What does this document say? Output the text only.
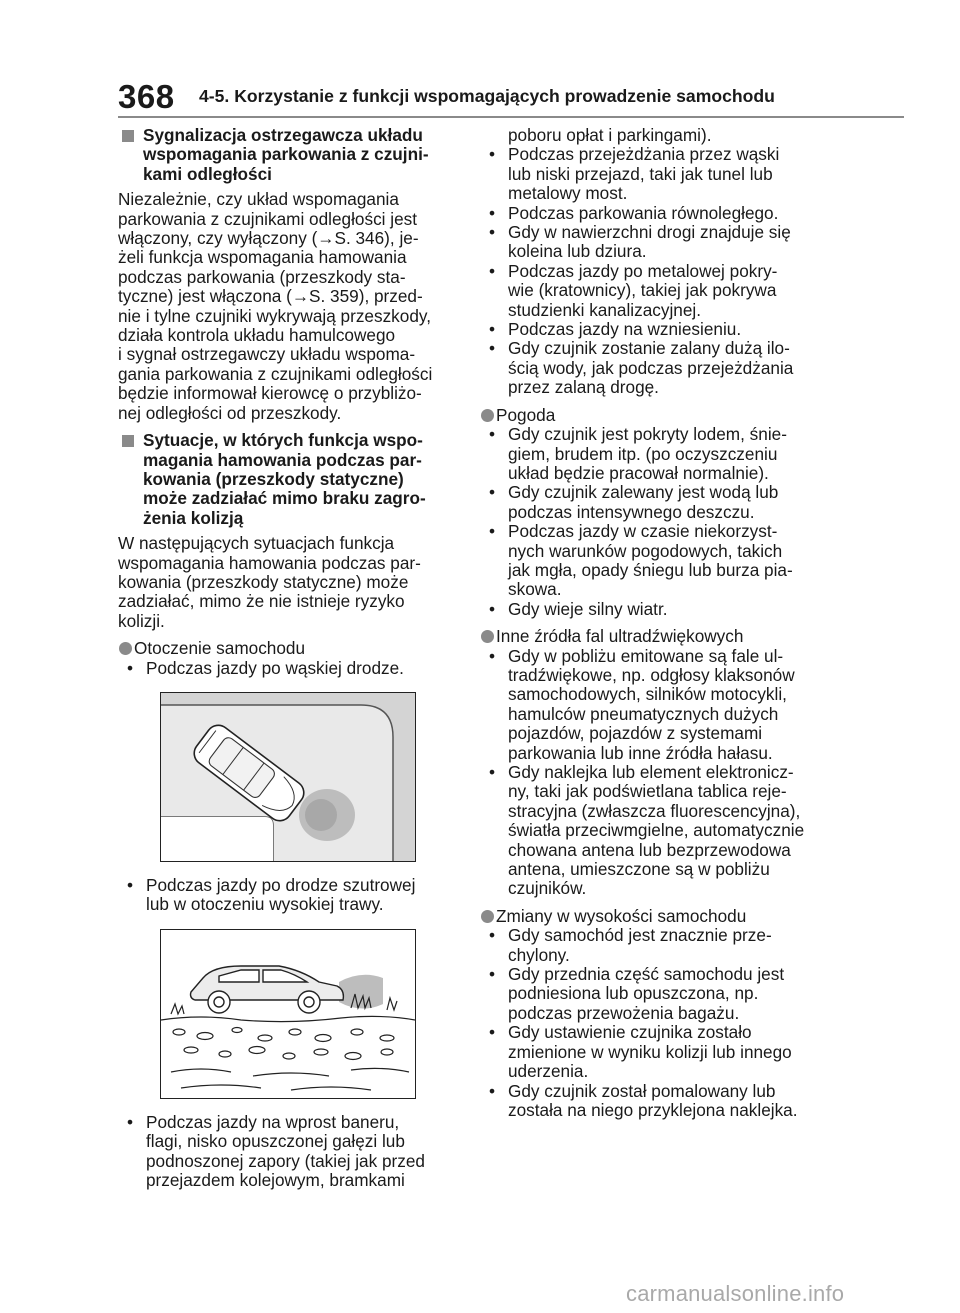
368 4-5. Korzystanie z funkcji wspomagających prowadzenie samochodu
Sygnalizacja ostrzegawcza układu
wspomagania parkowania z czujni-
kami odległości
Niezależnie, czy układ wspomagania
parkowania z czujnikami odległości jest
włączony, czy wyłączony (→S. 346), je-
żeli funkcja wspomagania hamowania
podczas parkowania (przeszkody sta-
tyczne) jest włączona (→S. 359), przed-
nie i tylne czujniki wykrywają przeszkody,
działa kontrola układu hamulcowego
i sygnał ostrzegawczy układu wspoma-
gania parkowania z czujnikami odległości
będzie informował kierowcę o przybliżo-
nej odległości od przeszkody.
Sytuacje, w których funkcja wspo-
magania hamowania podczas par-
kowania (przeszkody statyczne)
może zadziałać mimo braku zagro-
żenia kolizją
W następujących sytuacjach funkcja
wspomagania hamowania podczas par-
kowania (przeszkody statyczne) może
zadziałać, mimo że nie istnieje ryzyko
kolizji.
Otoczenie samochodu
• Podczas jazdy po wąskiej drodze.
• Podczas jazdy po drodze szutrowej
lub w otoczeniu wysokiej trawy.
• Podczas jazdy na wprost baneru,
flagi, nisko opuszczonej gałęzi lub
podnoszonej zapory (takiej jak przed
przejazdem kolejowym, bramkami
poboru opłat i parkingami).
• Podczas przejeżdżania przez wąski
lub niski przejazd, taki jak tunel lub
metalowy most.
• Podczas parkowania równoległego.
• Gdy w nawierzchni drogi znajduje się
koleina lub dziura.
• Podczas jazdy po metalowej pokry-
wie (kratownicy), takiej jak pokrywa
studzienki kanalizacyjnej.
• Podczas jazdy na wzniesieniu.
• Gdy czujnik zostanie zalany dużą ilo-
ścią wody, jak podczas przejeżdżania
przez zalaną drogę.
Pogoda
• Gdy czujnik jest pokryty lodem, śnie-
giem, brudem itp. (po oczyszczeniu
układ będzie pracował normalnie).
• Gdy czujnik zalewany jest wodą lub
podczas intensywnego deszczu.
• Podczas jazdy w czasie niekorzyst-
nych warunków pogodowych, takich
jak mgła, opady śniegu lub burza pia-
skowa.
• Gdy wieje silny wiatr.
Inne źródła fal ultradźwiękowych
• Gdy w pobliżu emitowane są fale ul-
tradźwiękowe, np. odgłosy klaksonów
samochodowych, silników motocykli,
hamulców pneumatycznych dużych
pojazdów, pojazdów z systemami
parkowania lub inne źródła hałasu.
• Gdy naklejka lub element elektronicz-
ny, taki jak podświetlana tablica reje-
stracyjna (zwłaszcza fluorescencyjna),
światła przeciwmgielne, automatycznie
chowana antena lub bezprzewodowa
antena, umieszczone są w pobliżu
czujników.
Zmiany w wysokości samochodu
• Gdy samochód jest znacznie prze-
chylony.
• Gdy przednia część samochodu jest
podniesiona lub opuszczona, np.
podczas przewożenia bagażu.
• Gdy ustawienie czujnika zostało
zmienione w wyniku kolizji lub innego
uderzenia.
• Gdy czujnik został pomalowany lub
została na niego przyklejona naklejka.
carmanualsonline.info
